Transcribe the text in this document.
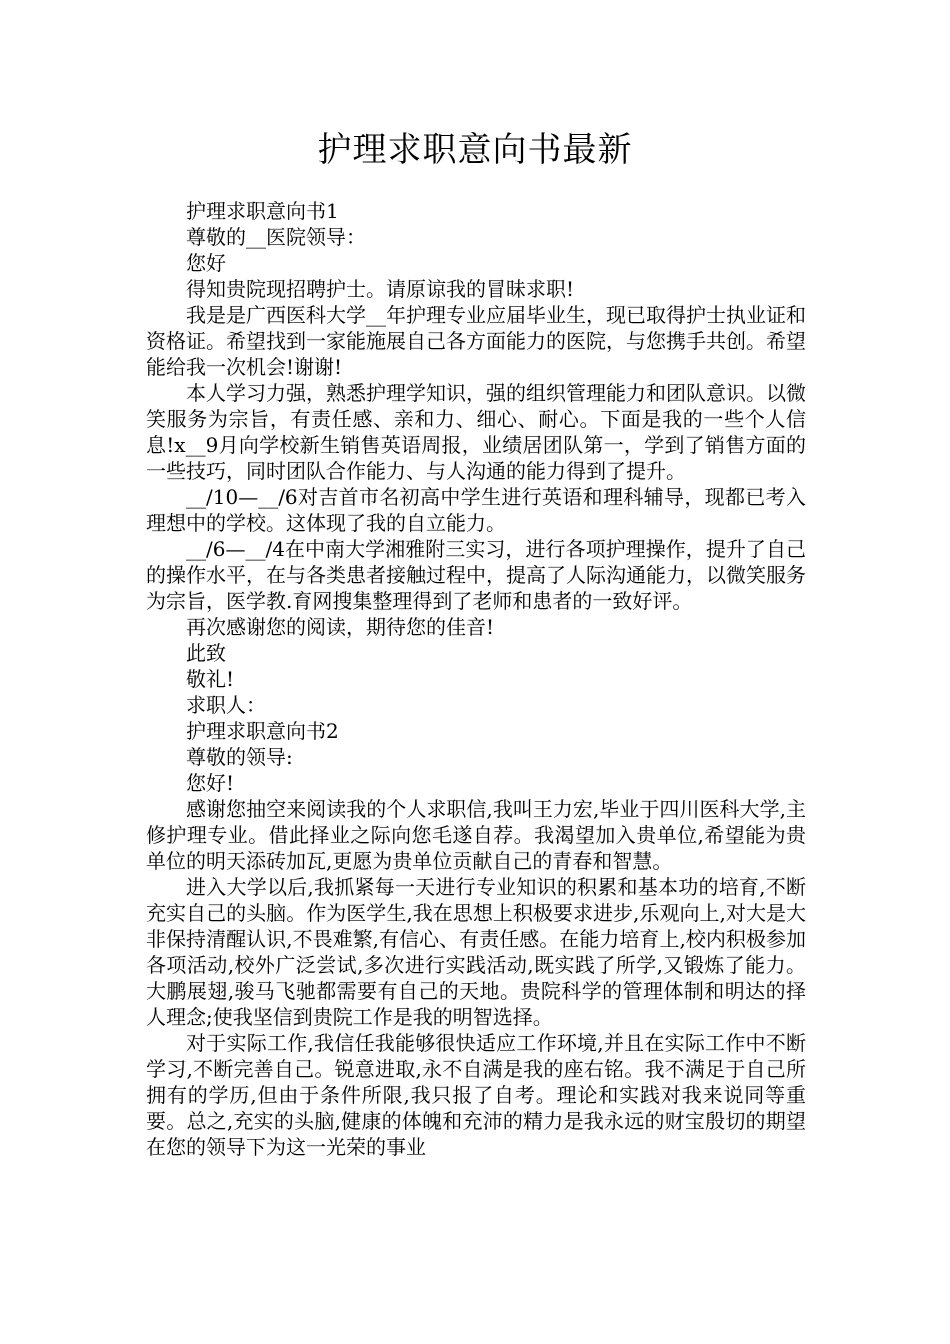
护理求职意向书最新

护理求职意向书1

尊敬的__医院领导：

您好

得知贵院现招聘护士。请原谅我的冒昧求职!

我是是广西医科大学__年护理专业应届毕业生，现已取得护士执业证和资格证。希望找到一家能施展自己各方面能力的医院，与您携手共创。希望能给我一次机会!谢谢!

本人学习力强，熟悉护理学知识，强的组织管理能力和团队意识。以微笑服务为宗旨，有责任感、亲和力、细心、耐心。下面是我的一些个人信息!x__9月向学校新生销售英语周报，业绩居团队第一，学到了销售方面的一些技巧，同时团队合作能力、与人沟通的能力得到了提升。

__/10—__/6对吉首市名初高中学生进行英语和理科辅导，现都已考入理想中的学校。这体现了我的自立能力。

__/6—__/4在中南大学湘雅附三实习，进行各项护理操作，提升了自己的操作水平，在与各类患者接触过程中，提高了人际沟通能力，以微笑服务为宗旨，医学教.育网搜集整理得到了老师和患者的一致好评。

再次感谢您的阅读，期待您的佳音!

此致

敬礼!

求职人：

护理求职意向书2

尊敬的领导:

您好!

感谢您抽空来阅读我的个人求职信,我叫王力宏,毕业于四川医科大学,主修护理专业。借此择业之际向您毛遂自荐。我渴望加入贵单位,希望能为贵单位的明天添砖加瓦,更愿为贵单位贡献自己的青春和智慧。

进入大学以后,我抓紧每一天进行专业知识的积累和基本功的培育,不断充实自己的头脑。作为医学生,我在思想上积极要求进步,乐观向上,对大是大非保持清醒认识,不畏难繁,有信心、有责任感。在能力培育上,校内积极参加各项活动,校外广泛尝试,多次进行实践活动,既实践了所学,又锻炼了能力。大鹏展翅,骏马飞驰都需要有自己的天地。贵院科学的管理体制和明达的择人理念;使我坚信到贵院工作是我的明智选择。

对于实际工作,我信任我能够很快适应工作环境,并且在实际工作中不断学习,不断完善自己。锐意进取,永不自满是我的座右铭。我不满足于自己所拥有的学历,但由于条件所限,我只报了自考。理论和实践对我来说同等重要。总之,充实的头脑,健康的体魄和充沛的精力是我永远的财宝殷切的期望在您的领导下为这一光荣的事业
